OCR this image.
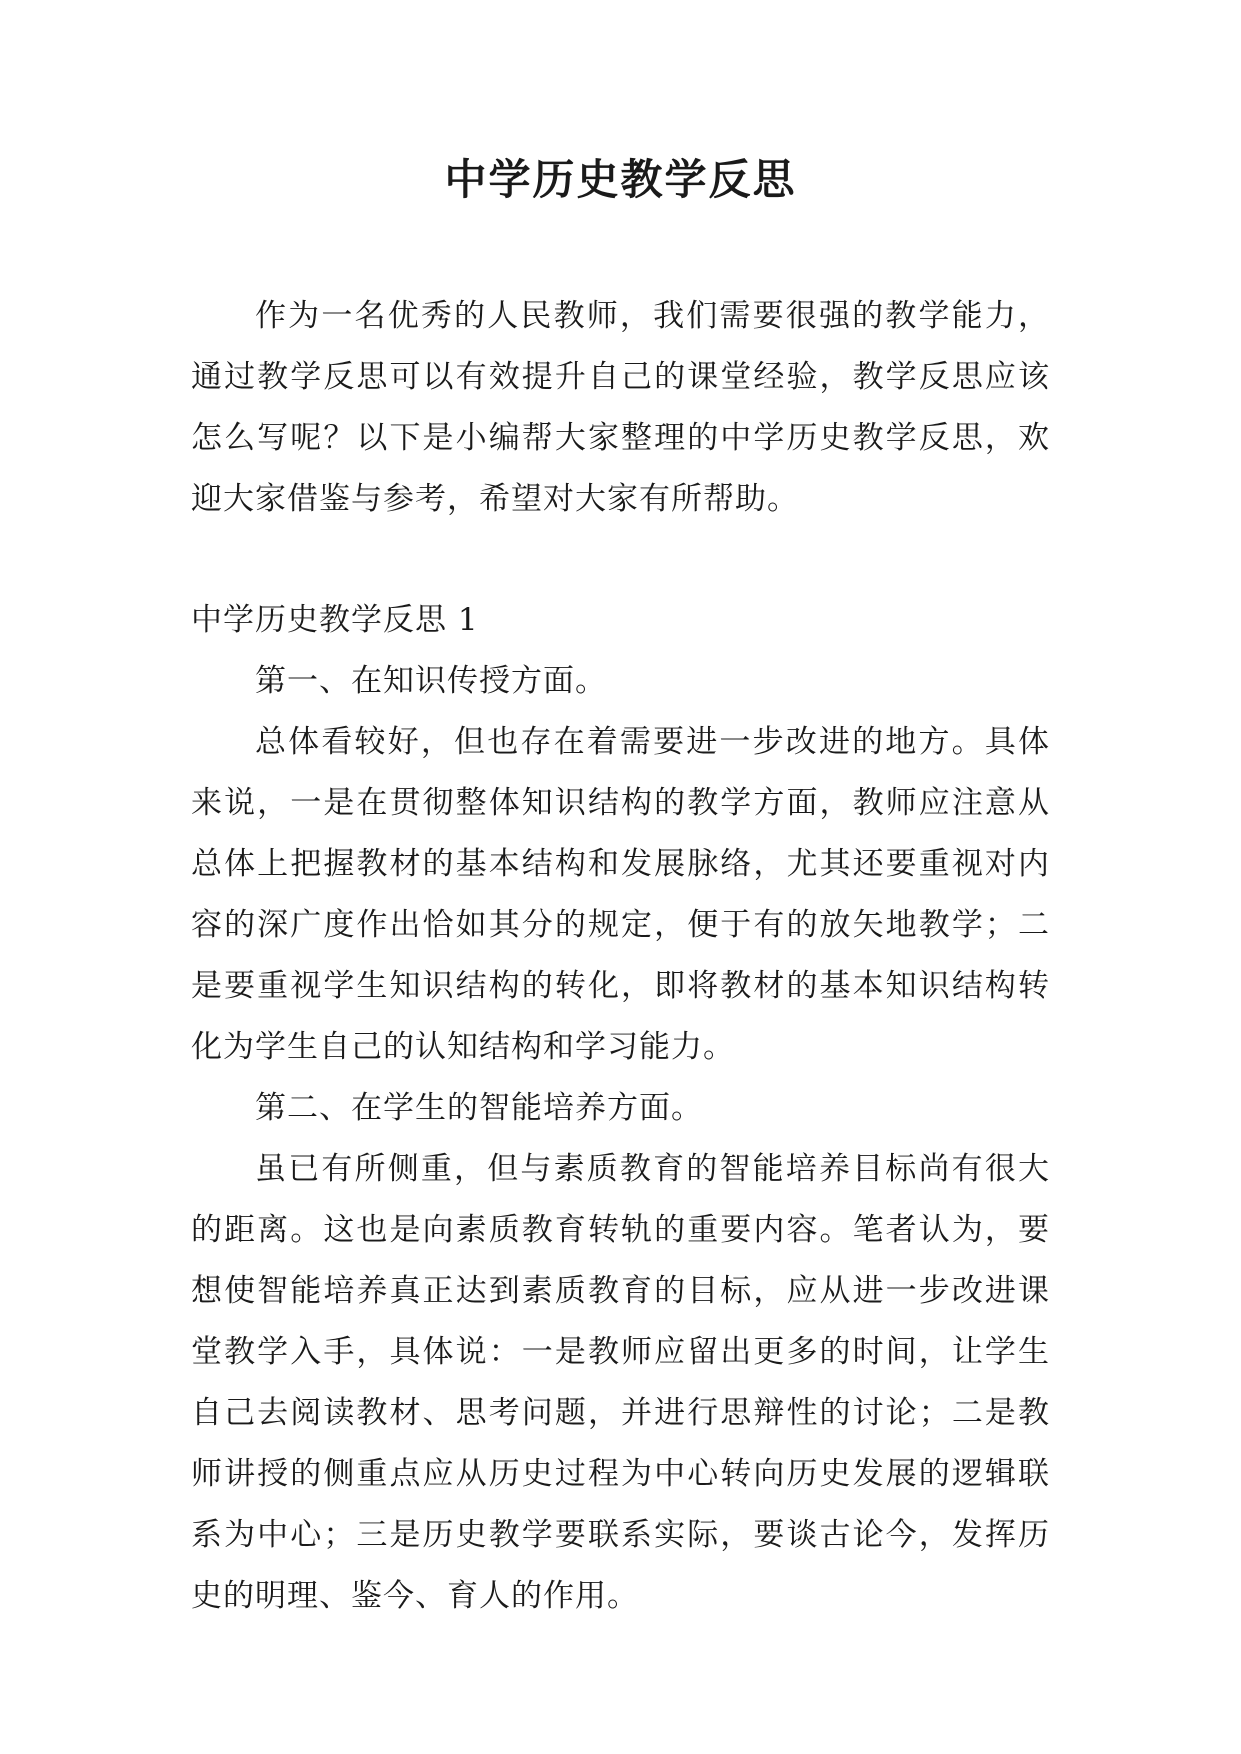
中学历史教学反思

作为一名优秀的人民教师，我们需要很强的教学能力，通过教学反思可以有效提升自己的课堂经验，教学反思应该怎么写呢？以下是小编帮大家整理的中学历史教学反思，欢迎大家借鉴与参考，希望对大家有所帮助。

中学历史教学反思 1

第一、在知识传授方面。

总体看较好，但也存在着需要进一步改进的地方。具体来说，一是在贯彻整体知识结构的教学方面，教师应注意从总体上把握教材的基本结构和发展脉络，尤其还要重视对内容的深广度作出恰如其分的规定，便于有的放矢地教学；二是要重视学生知识结构的转化，即将教材的基本知识结构转化为学生自己的认知结构和学习能力。

第二、在学生的智能培养方面。

虽已有所侧重，但与素质教育的智能培养目标尚有很大的距离。这也是向素质教育转轨的重要内容。笔者认为，要想使智能培养真正达到素质教育的目标，应从进一步改进课堂教学入手，具体说：一是教师应留出更多的时间，让学生自己去阅读教材、思考问题，并进行思辩性的讨论；二是教师讲授的侧重点应从历史过程为中心转向历史发展的逻辑联系为中心；三是历史教学要联系实际，要谈古论今，发挥历史的明理、鉴今、育人的作用。
